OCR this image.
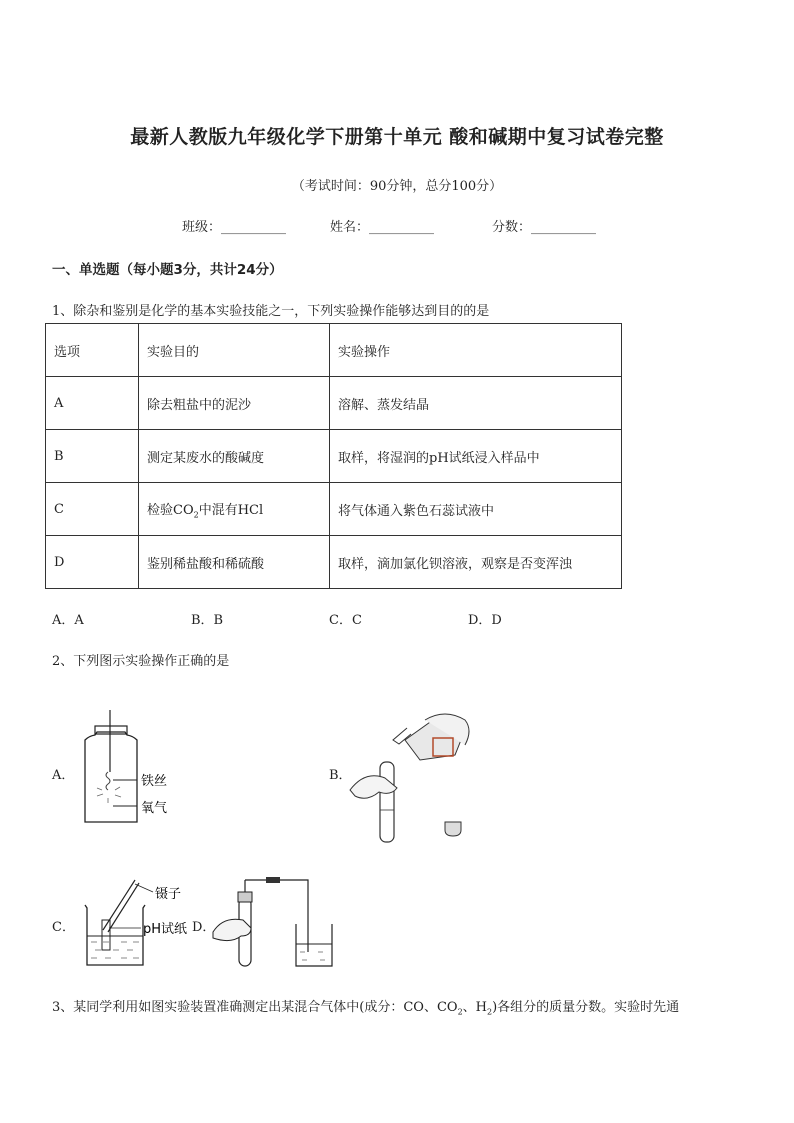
最新人教版九年级化学下册第十单元 酸和碱期中复习试卷完整
（考试时间：90分钟，总分100分）
班级：__________	姓名：__________	分数：__________
一、单选题（每小题3分，共计24分）
1、除杂和鉴别是化学的基本实验技能之一，下列实验操作能够达到目的的是
选项	实验目的	实验操作
A	除去粗盐中的泥沙	溶解、蒸发结晶
B	测定某废水的酸碱度	取样，将湿润的pH试纸浸入样品中
C	检验$CO_2$中混有HCl	将气体通入紫色石蕊试液中
D	鉴别稀盐酸和稀硫酸	取样，滴加氯化钡溶液，观察是否变浑浊
A．A	B．B	C．C	D．D
2、下列图示实验操作正确的是
A．	铁丝
氧气
B．
C．
镊子
pH试纸 D．
3、某同学利用如图实验装置准确测定出某混合气体中(成分：CO、$CO_2$、$H_2$)各组分的质量分数。实验时先通
